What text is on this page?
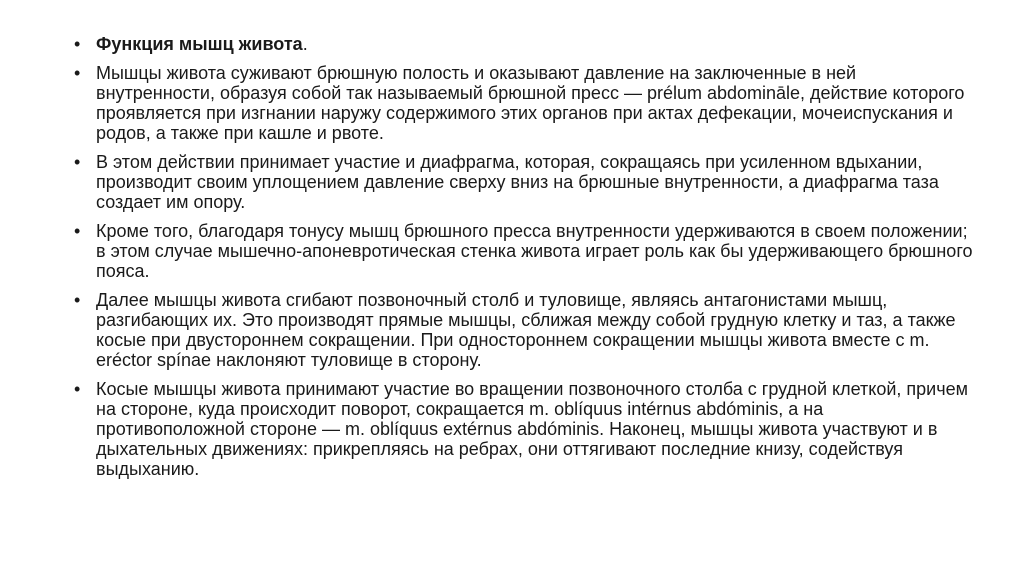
• Функция мышц живота.
• Мышцы живота суживают брюшную полость и оказывают давление на заключенные в ней внутренности, образуя собой так называемый брюшной пресс — prélum abdomināle, действие которого проявляется при изгнании наружу содержимого этих органов при актах дефекации, мочеиспускания и родов, а также при кашле и рвоте.
• В этом действии принимает участие и диафрагма, которая, сокращаясь при усиленном вдыхании, производит своим уплощением давление сверху вниз на брюшные внутренности, а диафрагма таза создает им опору.
• Кроме того, благодаря тонусу мышц брюшного пресса внутренности удерживаются в своем положении; в этом случае мышечно-апоневротическая стенка живота играет роль как бы удерживающего брюшного пояса.
• Далее мышцы живота сгибают позвоночный столб и туловище, являясь антагонистами мышц, разгибающих их. Это производят прямые мышцы, сближая между собой грудную клетку и таз, а также косые при двустороннем сокращении. При одностороннем сокращении мышцы живота вместе с m. eréctor spínae наклоняют туловище в сторону.
• Косые мышцы живота принимают участие во вращении позвоночного столба с грудной клеткой, причем на стороне, куда происходит поворот, сокращается m. oblíquus intérnus abdóminis, а на противоположной стороне — m. oblíquus extérnus abdóminis. Наконец, мышцы живота участвуют и в дыхательных движениях: прикрепляясь на ребрах, они оттягивают последние книзу, содействуя выдыханию.
